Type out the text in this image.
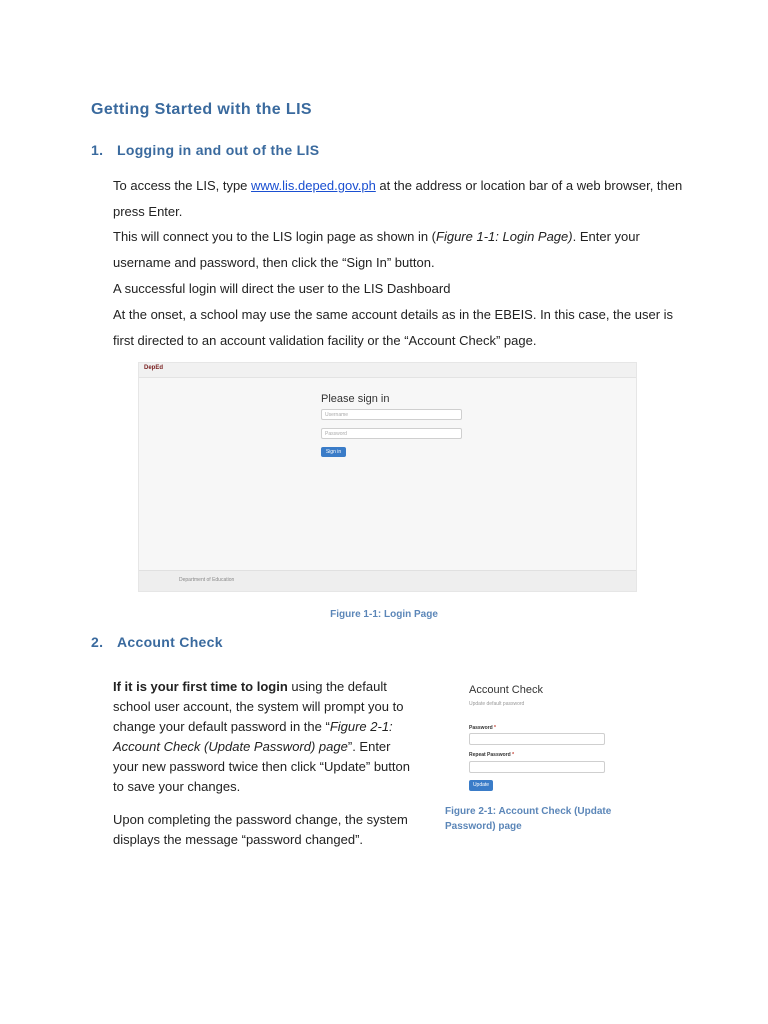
Getting Started with the LIS
1. Logging in and out of the LIS
To access the LIS, type www.lis.deped.gov.ph at the address or location bar of a web browser, then press Enter.
This will connect you to the LIS login page as shown in (Figure 1-1: Login Page). Enter your username and password, then click the “Sign In” button.
A successful login will direct the user to the LIS Dashboard
At the onset, a school may use the same account details as in the EBEIS. In this case, the user is first directed to an account validation facility or the “Account Check” page.
DepEd
Please sign in
Username
Password
Sign in
Department of Education
Figure 1-1: Login Page
2. Account Check
If it is your first time to login using the default school user account, the system will prompt you to change your default password in the “Figure 2-1: Account Check (Update Password) page”. Enter your new password twice then click “Update” button to save your changes.
Upon completing the password change, the system displays the message “password changed”.
Account Check
Update default password
Password *
Repeat Password *
Update
Figure 2-1: Account Check (Update Password) page
